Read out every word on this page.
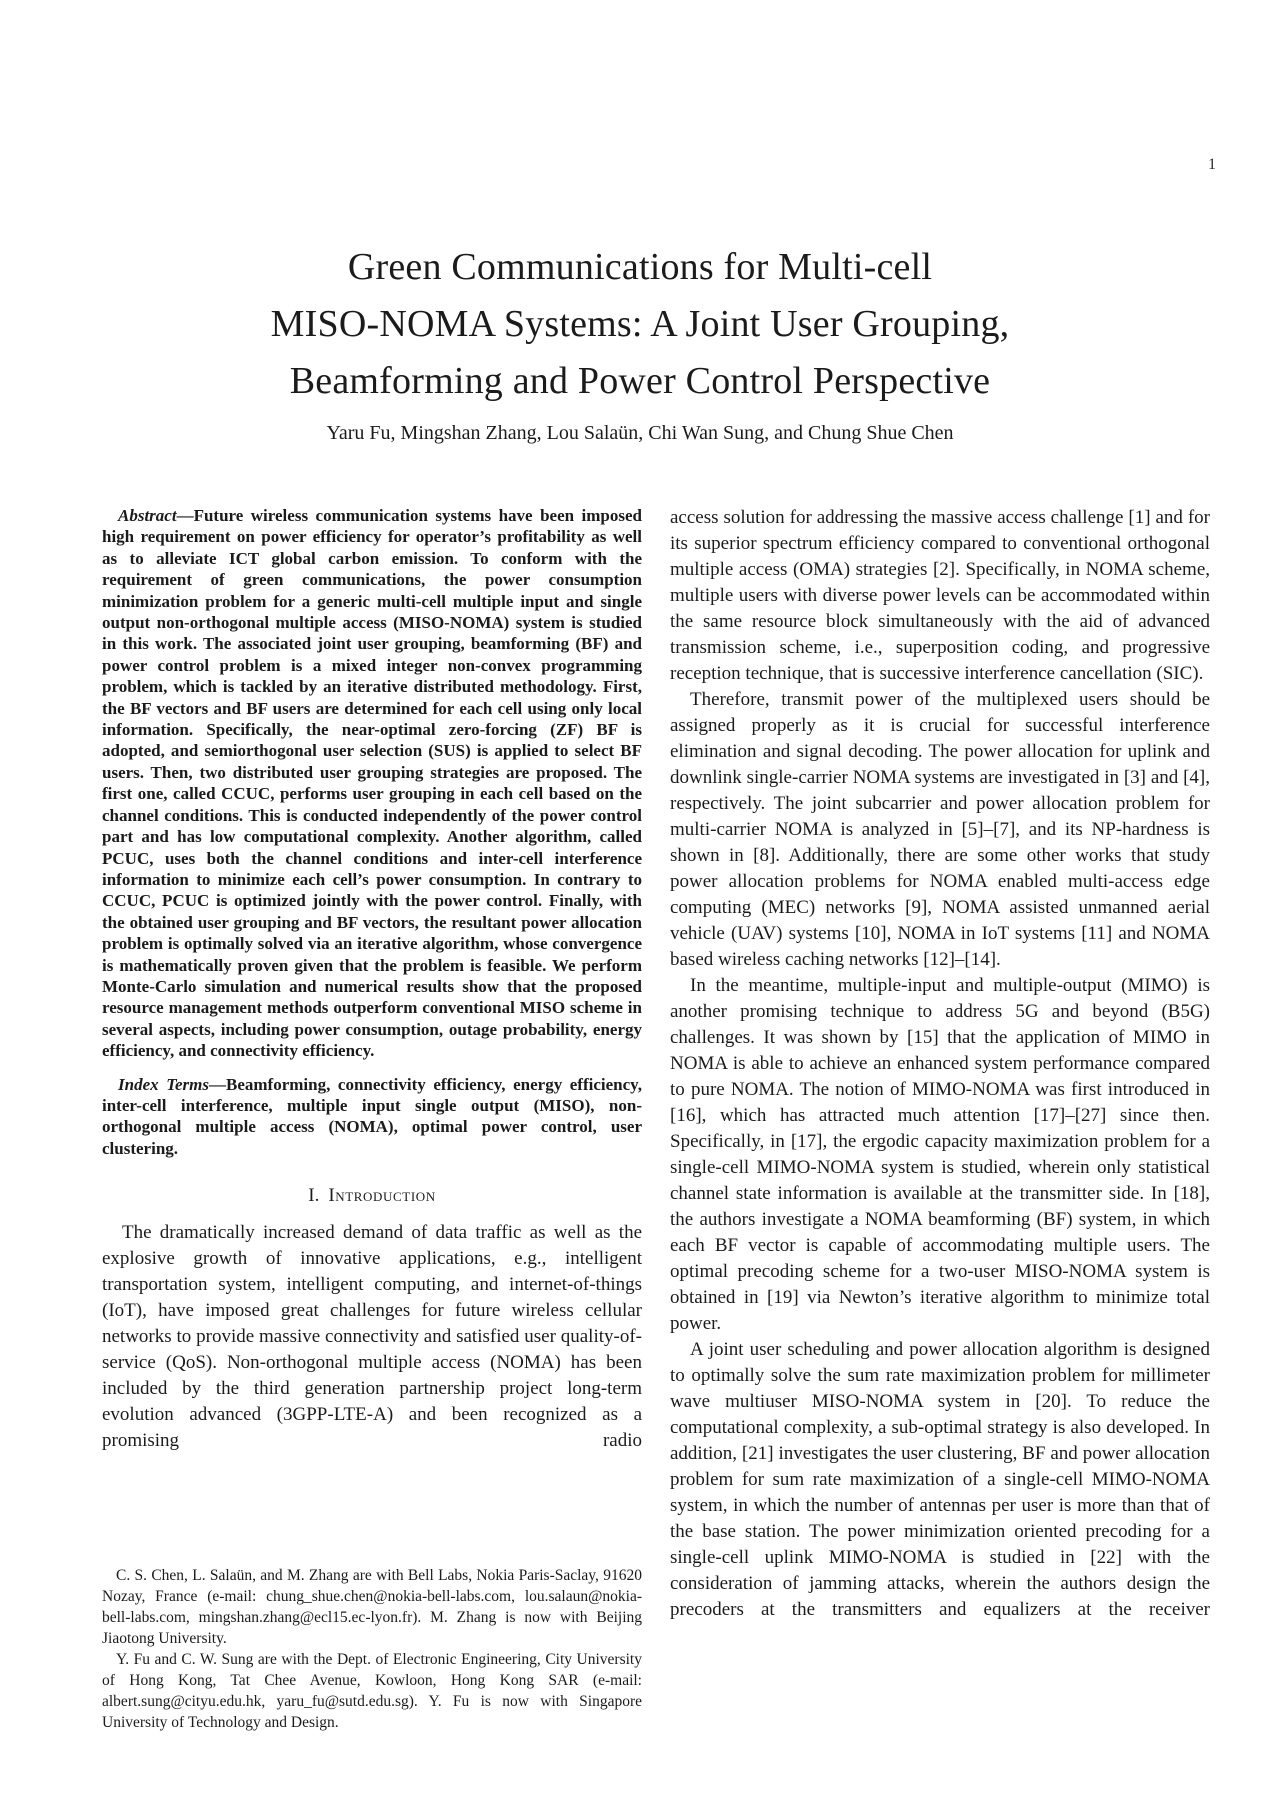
1
Green Communications for Multi-cell
MISO-NOMA Systems: A Joint User Grouping,
Beamforming and Power Control Perspective
Yaru Fu, Mingshan Zhang, Lou Salaün, Chi Wan Sung, and Chung Shue Chen

Abstract—Future wireless communication systems have been imposed high requirement on power efficiency for operator’s profitability as well as to alleviate ICT global carbon emission. To conform with the requirement of green communications, the power consumption minimization problem for a generic multi-cell multiple input and single output non-orthogonal multiple access (MISO-NOMA) system is studied in this work. The associated joint user grouping, beamforming (BF) and power control problem is a mixed integer non-convex programming problem, which is tackled by an iterative distributed methodology. First, the BF vectors and BF users are determined for each cell using only local information. Specifically, the near-optimal zero-forcing (ZF) BF is adopted, and semiorthogonal user selection (SUS) is applied to select BF users. Then, two distributed user grouping strategies are proposed. The first one, called CCUC, performs user grouping in each cell based on the channel conditions. This is conducted independently of the power control part and has low computational complexity. Another algorithm, called PCUC, uses both the channel conditions and inter-cell interference information to minimize each cell’s power consumption. In contrary to CCUC, PCUC is optimized jointly with the power control. Finally, with the obtained user grouping and BF vectors, the resultant power allocation problem is optimally solved via an iterative algorithm, whose convergence is mathematically proven given that the problem is feasible. We perform Monte-Carlo simulation and numerical results show that the proposed resource management methods outperform conventional MISO scheme in several aspects, including power consumption, outage probability, energy efficiency, and connectivity efficiency.

Index Terms—Beamforming, connectivity efficiency, energy efficiency, inter-cell interference, multiple input single output (MISO), non-orthogonal multiple access (NOMA), optimal power control, user clustering.

I. Introduction

The dramatically increased demand of data traffic as well as the explosive growth of innovative applications, e.g., intelligent transportation system, intelligent computing, and internet-of-things (IoT), have imposed great challenges for future wireless cellular networks to provide massive connectivity and satisfied user quality-of-service (QoS). Non-orthogonal multiple access (NOMA) has been included by the third generation partnership project long-term evolution advanced (3GPP-LTE-A) and been recognized as a promising radio

C. S. Chen, L. Salaün, and M. Zhang are with Bell Labs, Nokia Paris-Saclay, 91620 Nozay, France (e-mail: chung_shue.chen@nokia-bell-labs.com, lou.salaun@nokia-bell-labs.com, mingshan.zhang@ecl15.ec-lyon.fr). M. Zhang is now with Beijing Jiaotong University.

Y. Fu and C. W. Sung are with the Dept. of Electronic Engineering, City University of Hong Kong, Tat Chee Avenue, Kowloon, Hong Kong SAR (e-mail: albert.sung@cityu.edu.hk, yaru_fu@sutd.edu.sg). Y. Fu is now with Singapore University of Technology and Design.

access solution for addressing the massive access challenge [1] and for its superior spectrum efficiency compared to conventional orthogonal multiple access (OMA) strategies [2]. Specifically, in NOMA scheme, multiple users with diverse power levels can be accommodated within the same resource block simultaneously with the aid of advanced transmission scheme, i.e., superposition coding, and progressive reception technique, that is successive interference cancellation (SIC).

Therefore, transmit power of the multiplexed users should be assigned properly as it is crucial for successful interference elimination and signal decoding. The power allocation for uplink and downlink single-carrier NOMA systems are investigated in [3] and [4], respectively. The joint subcarrier and power allocation problem for multi-carrier NOMA is analyzed in [5]–[7], and its NP-hardness is shown in [8]. Additionally, there are some other works that study power allocation problems for NOMA enabled multi-access edge computing (MEC) networks [9], NOMA assisted unmanned aerial vehicle (UAV) systems [10], NOMA in IoT systems [11] and NOMA based wireless caching networks [12]–[14].

In the meantime, multiple-input and multiple-output (MIMO) is another promising technique to address 5G and beyond (B5G) challenges. It was shown by [15] that the application of MIMO in NOMA is able to achieve an enhanced system performance compared to pure NOMA. The notion of MIMO-NOMA was first introduced in [16], which has attracted much attention [17]–[27] since then. Specifically, in [17], the ergodic capacity maximization problem for a single-cell MIMO-NOMA system is studied, wherein only statistical channel state information is available at the transmitter side. In [18], the authors investigate a NOMA beamforming (BF) system, in which each BF vector is capable of accommodating multiple users. The optimal precoding scheme for a two-user MISO-NOMA system is obtained in [19] via Newton’s iterative algorithm to minimize total power.

A joint user scheduling and power allocation algorithm is designed to optimally solve the sum rate maximization problem for millimeter wave multiuser MISO-NOMA system in [20]. To reduce the computational complexity, a sub-optimal strategy is also developed. In addition, [21] investigates the user clustering, BF and power allocation problem for sum rate maximization of a single-cell MIMO-NOMA system, in which the number of antennas per user is more than that of the base station. The power minimization oriented precoding for a single-cell uplink MIMO-NOMA is studied in [22] with the consideration of jamming attacks, wherein the authors design the precoders at the transmitters and equalizers at the receiver
